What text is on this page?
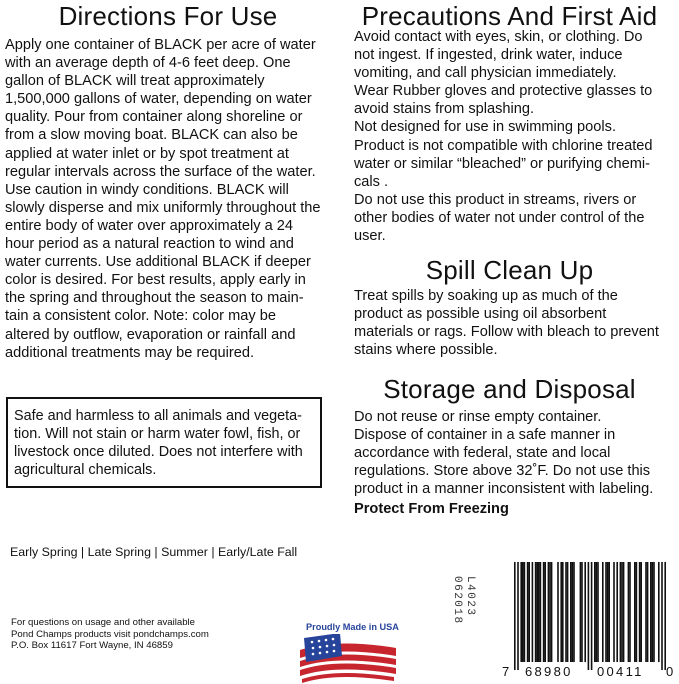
Directions For Use

Apply one container of BLACK per acre of water
with an average depth of 4-6 feet deep. One
gallon of BLACK will treat approximately
1,500,000 gallons of water, depending on water
quality. Pour from container along shoreline or
from a slow moving boat. BLACK can also be
applied at water inlet or by spot treatment at
regular intervals across the surface of the water.
Use caution in windy conditions. BLACK will
slowly disperse and mix uniformly throughout the
entire body of water over approximately a 24
hour period as a natural reaction to wind and
water currents. Use additional BLACK if deeper
color is desired. For best results, apply early in
the spring and throughout the season to main-
tain a consistent color. Note: color may be
altered by outflow, evaporation or rainfall and
additional treatments may be required.

Safe and harmless to all animals and vegeta-
tion. Will not stain or harm water fowl, fish, or
livestock once diluted. Does not interfere with
agricultural chemicals.

Early Spring | Late Spring | Summer | Early/Late Fall
For questions on usage and other available
Pond Champs products visit pondchamps.com
P.O. Box 11617 Fort Wayne, IN 46859
Proudly Made in USA
Precautions And First Aid

Avoid contact with eyes, skin, or clothing. Do
not ingest. If ingested, drink water, induce
vomiting, and call physician immediately.
Wear Rubber gloves and protective glasses to
avoid stains from splashing.
Not designed for use in swimming pools.
Product is not compatible with chlorine treated
water or similar “bleached” or purifying chemi-
cals .
Do not use this product in streams, rivers or
other bodies of water not under control of the
user.

Spill Clean Up

Treat spills by soaking up as much of the
product as possible using oil absorbent
materials or rags. Follow with bleach to prevent
stains where possible.

Storage and Disposal

Do not reuse or rinse empty container.
Dispose of container in a safe manner in
accordance with federal, state and local
regulations. Store above 32˚F. Do not use this
product in a manner inconsistent with labeling.

Protect From Freezing

062018 L4023
7 68980 00411 0
